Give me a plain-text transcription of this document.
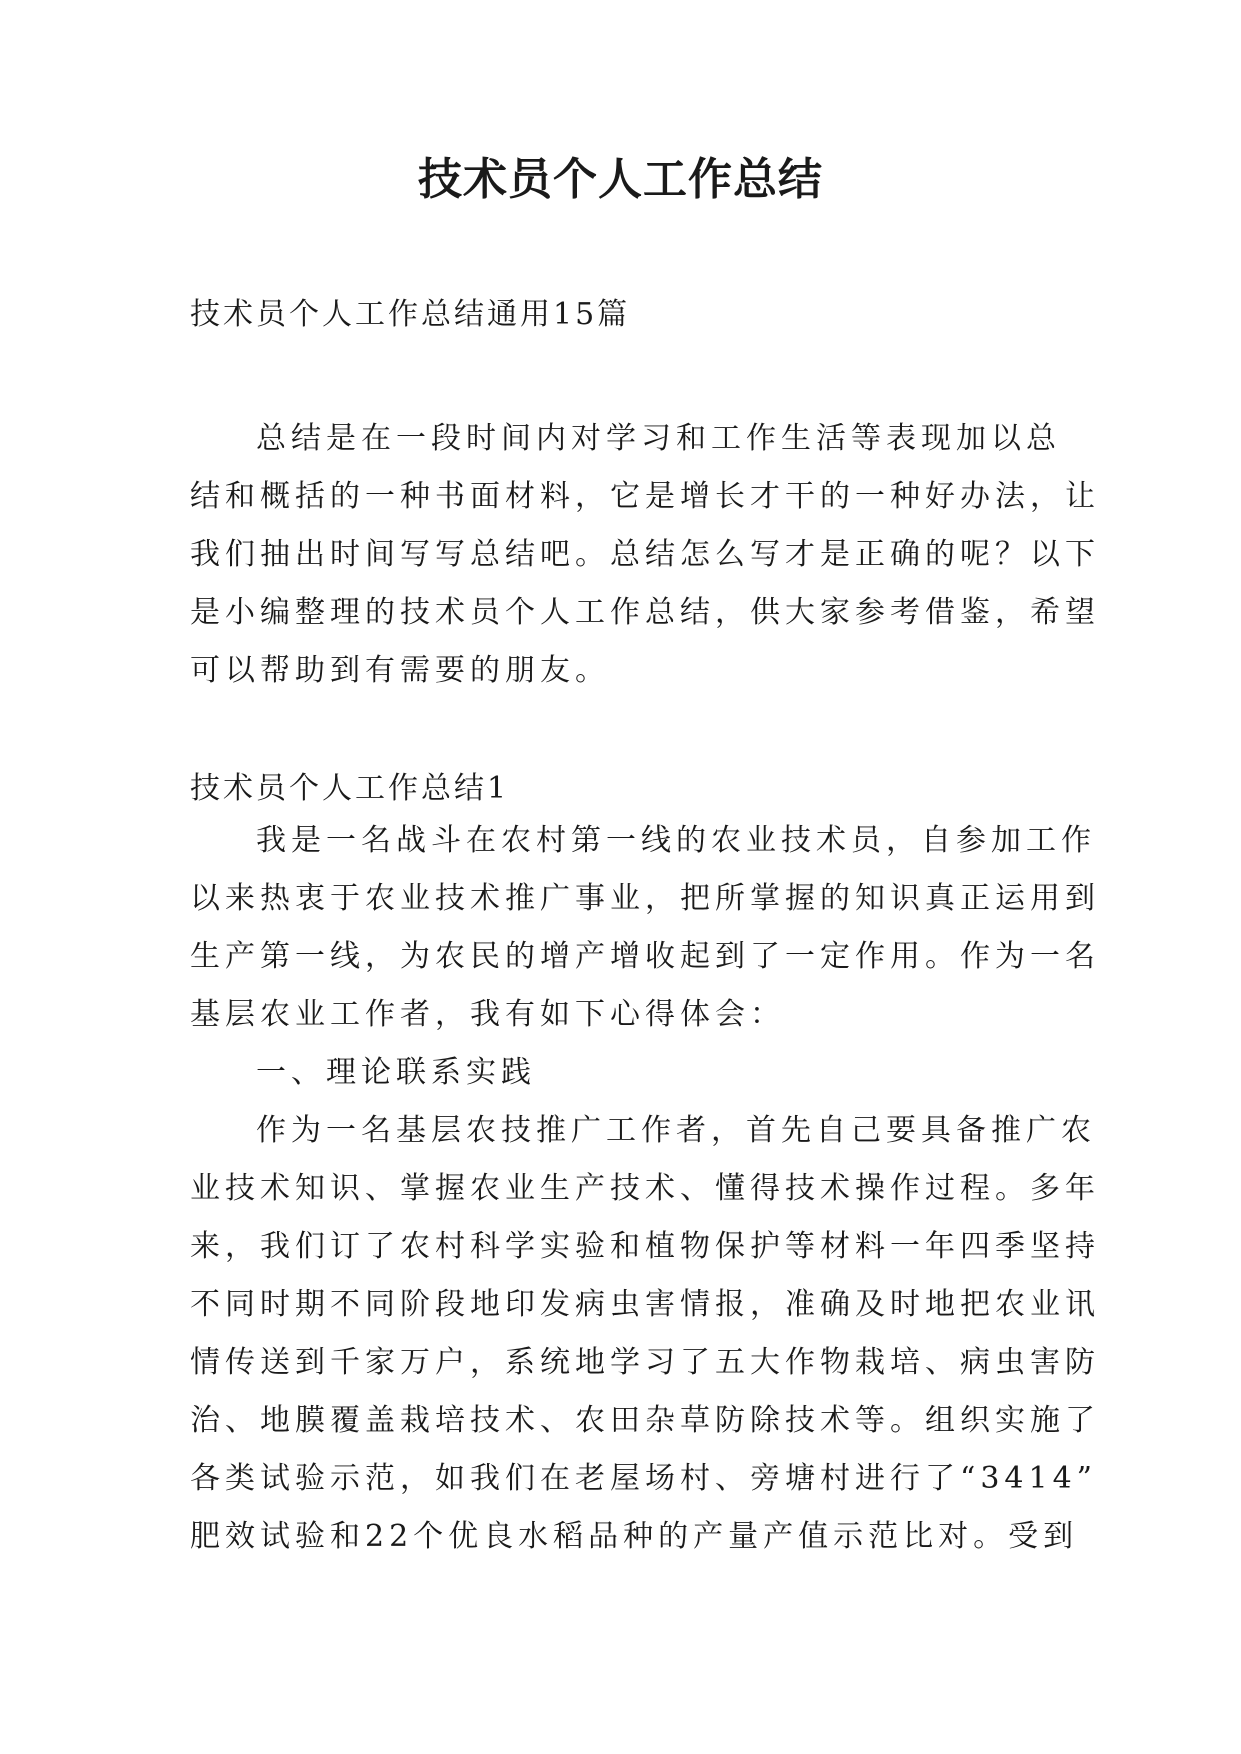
技术员个人工作总结
技术员个人工作总结通用15篇
总结是在一段时间内对学习和工作生活等表现加以总
结和概括的一种书面材料，它是增长才干的一种好办法，让
我们抽出时间写写总结吧。总结怎么写才是正确的呢？以下
是小编整理的技术员个人工作总结，供大家参考借鉴，希望
可以帮助到有需要的朋友。
技术员个人工作总结1
我是一名战斗在农村第一线的农业技术员，自参加工作
以来热衷于农业技术推广事业，把所掌握的知识真正运用到
生产第一线，为农民的增产增收起到了一定作用。作为一名
基层农业工作者，我有如下心得体会：
一、理论联系实践
作为一名基层农技推广工作者，首先自己要具备推广农
业技术知识、掌握农业生产技术、懂得技术操作过程。多年
来，我们订了农村科学实验和植物保护等材料一年四季坚持
不同时期不同阶段地印发病虫害情报，准确及时地把农业讯
情传送到千家万户，系统地学习了五大作物栽培、病虫害防
治、地膜覆盖栽培技术、农田杂草防除技术等。组织实施了
各类试验示范，如我们在老屋场村、旁塘村进行了“3414”
肥效试验和22个优良水稻品种的产量产值示范比对。受到
